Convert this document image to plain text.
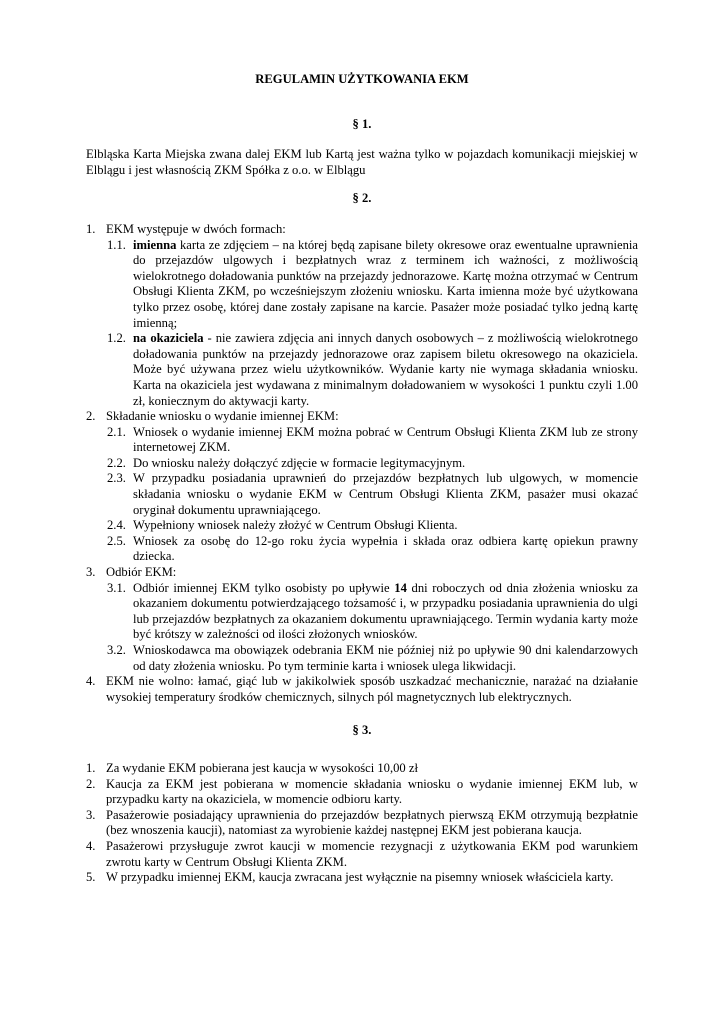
REGULAMIN UŻYTKOWANIA EKM

§ 1.

Elbląska Karta Miejska zwana dalej EKM lub Kartą jest ważna tylko w pojazdach komunikacji miejskiej w Elblągu i jest własnością ZKM Spółka z o.o. w Elblągu

§ 2.

1. EKM występuje w dwóch formach:
1.1. imienna karta ze zdjęciem – na której będą zapisane bilety okresowe oraz ewentualne uprawnienia do przejazdów ulgowych i bezpłatnych wraz z terminem ich ważności, z możliwością wielokrotnego doładowania punktów na przejazdy jednorazowe. Kartę można otrzymać w Centrum Obsługi Klienta ZKM, po wcześniejszym złożeniu wniosku. Karta imienna może być użytkowana tylko przez osobę, której dane zostały zapisane na karcie. Pasażer może posiadać tylko jedną kartę imienną;
1.2. na okaziciela - nie zawiera zdjęcia ani innych danych osobowych – z możliwością wielokrotnego doładowania punktów na przejazdy jednorazowe oraz zapisem biletu okresowego na okaziciela. Może być używana przez wielu użytkowników. Wydanie karty nie wymaga składania wniosku. Karta na okaziciela jest wydawana z minimalnym doładowaniem w wysokości 1 punktu czyli 1.00 zł, koniecznym do aktywacji karty.
2. Składanie wniosku o wydanie imiennej EKM:
2.1. Wniosek o wydanie imiennej EKM można pobrać w Centrum Obsługi Klienta ZKM lub ze strony internetowej ZKM.
2.2. Do wniosku należy dołączyć zdjęcie w formacie legitymacyjnym.
2.3. W przypadku posiadania uprawnień do przejazdów bezpłatnych lub ulgowych, w momencie składania wniosku o wydanie EKM w Centrum Obsługi Klienta ZKM, pasażer musi okazać oryginał dokumentu uprawniającego.
2.4. Wypełniony wniosek należy złożyć w Centrum Obsługi Klienta.
2.5. Wniosek za osobę do 12-go roku życia wypełnia i składa oraz odbiera kartę opiekun prawny dziecka.
3. Odbiór EKM:
3.1. Odbiór imiennej EKM tylko osobisty po upływie 14 dni roboczych od dnia złożenia wniosku za okazaniem dokumentu potwierdzającego tożsamość i, w przypadku posiadania uprawnienia do ulgi lub przejazdów bezpłatnych za okazaniem dokumentu uprawniającego. Termin wydania karty może być krótszy w zależności od ilości złożonych wniosków.
3.2. Wnioskodawca ma obowiązek odebrania EKM nie później niż po upływie 90 dni kalendarzowych od daty złożenia wniosku. Po tym terminie karta i wniosek ulega likwidacji.
4. EKM nie wolno: łamać, giąć lub w jakikolwiek sposób uszkadzać mechanicznie, narażać na działanie wysokiej temperatury środków chemicznych, silnych pól magnetycznych lub elektrycznych.

§ 3.

1. Za wydanie EKM pobierana jest kaucja w wysokości 10,00 zł
2. Kaucja za EKM jest pobierana w momencie składania wniosku o wydanie imiennej EKM lub, w przypadku karty na okaziciela, w momencie odbioru karty.
3. Pasażerowie posiadający uprawnienia do przejazdów bezpłatnych pierwszą EKM otrzymują bezpłatnie (bez wnoszenia kaucji), natomiast za wyrobienie każdej następnej EKM jest pobierana kaucja.
4. Pasażerowi przysługuje zwrot kaucji w momencie rezygnacji z użytkowania EKM pod warunkiem zwrotu karty w Centrum Obsługi Klienta ZKM.
5. W przypadku imiennej EKM, kaucja zwracana jest wyłącznie na pisemny wniosek właściciela karty.
